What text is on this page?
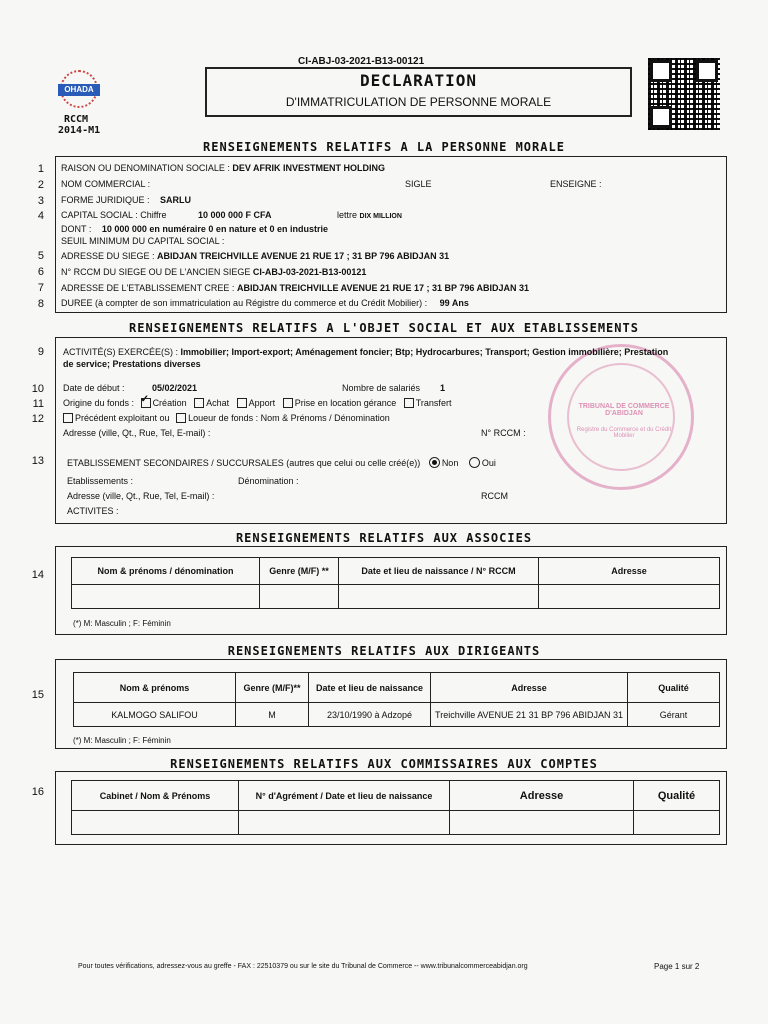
OHADA
RCCM
2014-M1
CI-ABJ-03-2021-B13-00121
DECLARATION
D'IMMATRICULATION DE PERSONNE MORALE
RENSEIGNEMENTS RELATIFS A LA PERSONNE MORALE
1
2
3
4
5
6
7
8
RAISON OU DENOMINATION SOCIALE : DEV AFRIK INVESTMENT HOLDING
NOM COMMERCIAL :	SIGLE	ENSEIGNE :
FORME JURIDIQUE : SARLU
CAPITAL SOCIAL : Chiffre	10 000 000 F CFA	lettre DIX MILLION
DONT : 10 000 000 en numéraire 0 en nature et 0 en industrie
SEUIL MINIMUM DU CAPITAL SOCIAL :
ADRESSE DU SIEGE : ABIDJAN TREICHVILLE AVENUE 21 RUE 17 ; 31 BP 796 ABIDJAN 31
N° RCCM DU SIEGE OU DE L'ANCIEN SIEGE CI-ABJ-03-2021-B13-00121
ADRESSE DE L'ETABLISSEMENT CREE : ABIDJAN TREICHVILLE AVENUE 21 RUE 17 ; 31 BP 796 ABIDJAN 31
DUREE (à compter de son immatriculation au Régistre du commerce et du Crédit Mobilier) : 99 Ans
RENSEIGNEMENTS RELATIFS A L'OBJET SOCIAL ET AUX ETABLISSEMENTS
9
10
11
12
13
TRIBUNAL DE COMMERCE D'ABIDJAN
Registre du Commerce et du Crédit Mobilier
ACTIVITÉ(S) EXERCÉE(S) : Immobilier; Import-export; Aménagement foncier; Btp; Hydrocarbures; Transport; Gestion immobilière; Prestation
de service; Prestations diverses
Date de début :	05/02/2021	Nombre de salariés 1
Origine du fonds : ✓ Création Achat Apport Prise en location gérance Transfert
Précédent exploitant ou Loueur de fonds : Nom & Prénoms / Dénomination
Adresse (ville, Qt., Rue, Tel, E-mail) :	N° RCCM :
ETABLISSEMENT SECONDAIRES / SUCCURSALES (autres que celui ou celle créé(e)) Non	Oui
Etablissements :	Dénomination :
Adresse (ville, Qt., Rue, Tel, E-mail) :	RCCM
ACTIVITES :
RENSEIGNEMENTS RELATIFS AUX ASSOCIES
14	Nom & prénoms / dénomination	Genre (M/F) **	Date et lieu de naissance / N° RCCM	Adresse

(*) M: Masculin ; F: Féminin
RENSEIGNEMENTS RELATIFS AUX DIRIGEANTS
15
Nom & prénoms	Genre (M/F)**	Date et lieu de naissance	Adresse	Qualité
KALMOGO SALIFOU	M	23/10/1990 à Adzopé	Treichville AVENUE 21 31 BP 796 ABIDJAN 31	Gérant
(*) M: Masculin ; F: Féminin
RENSEIGNEMENTS RELATIFS AUX COMMISSAIRES AUX COMPTES
16	Cabinet / Nom & Prénoms	N° d'Agrément / Date et lieu de naissance	Adresse	Qualité

Pour toutes vérifications, adressez-vous au greffe - FAX : 22510379 ou sur le site du Tribunal de Commerce -- www.tribunalcommerceabidjan.org	Page 1 sur 2
